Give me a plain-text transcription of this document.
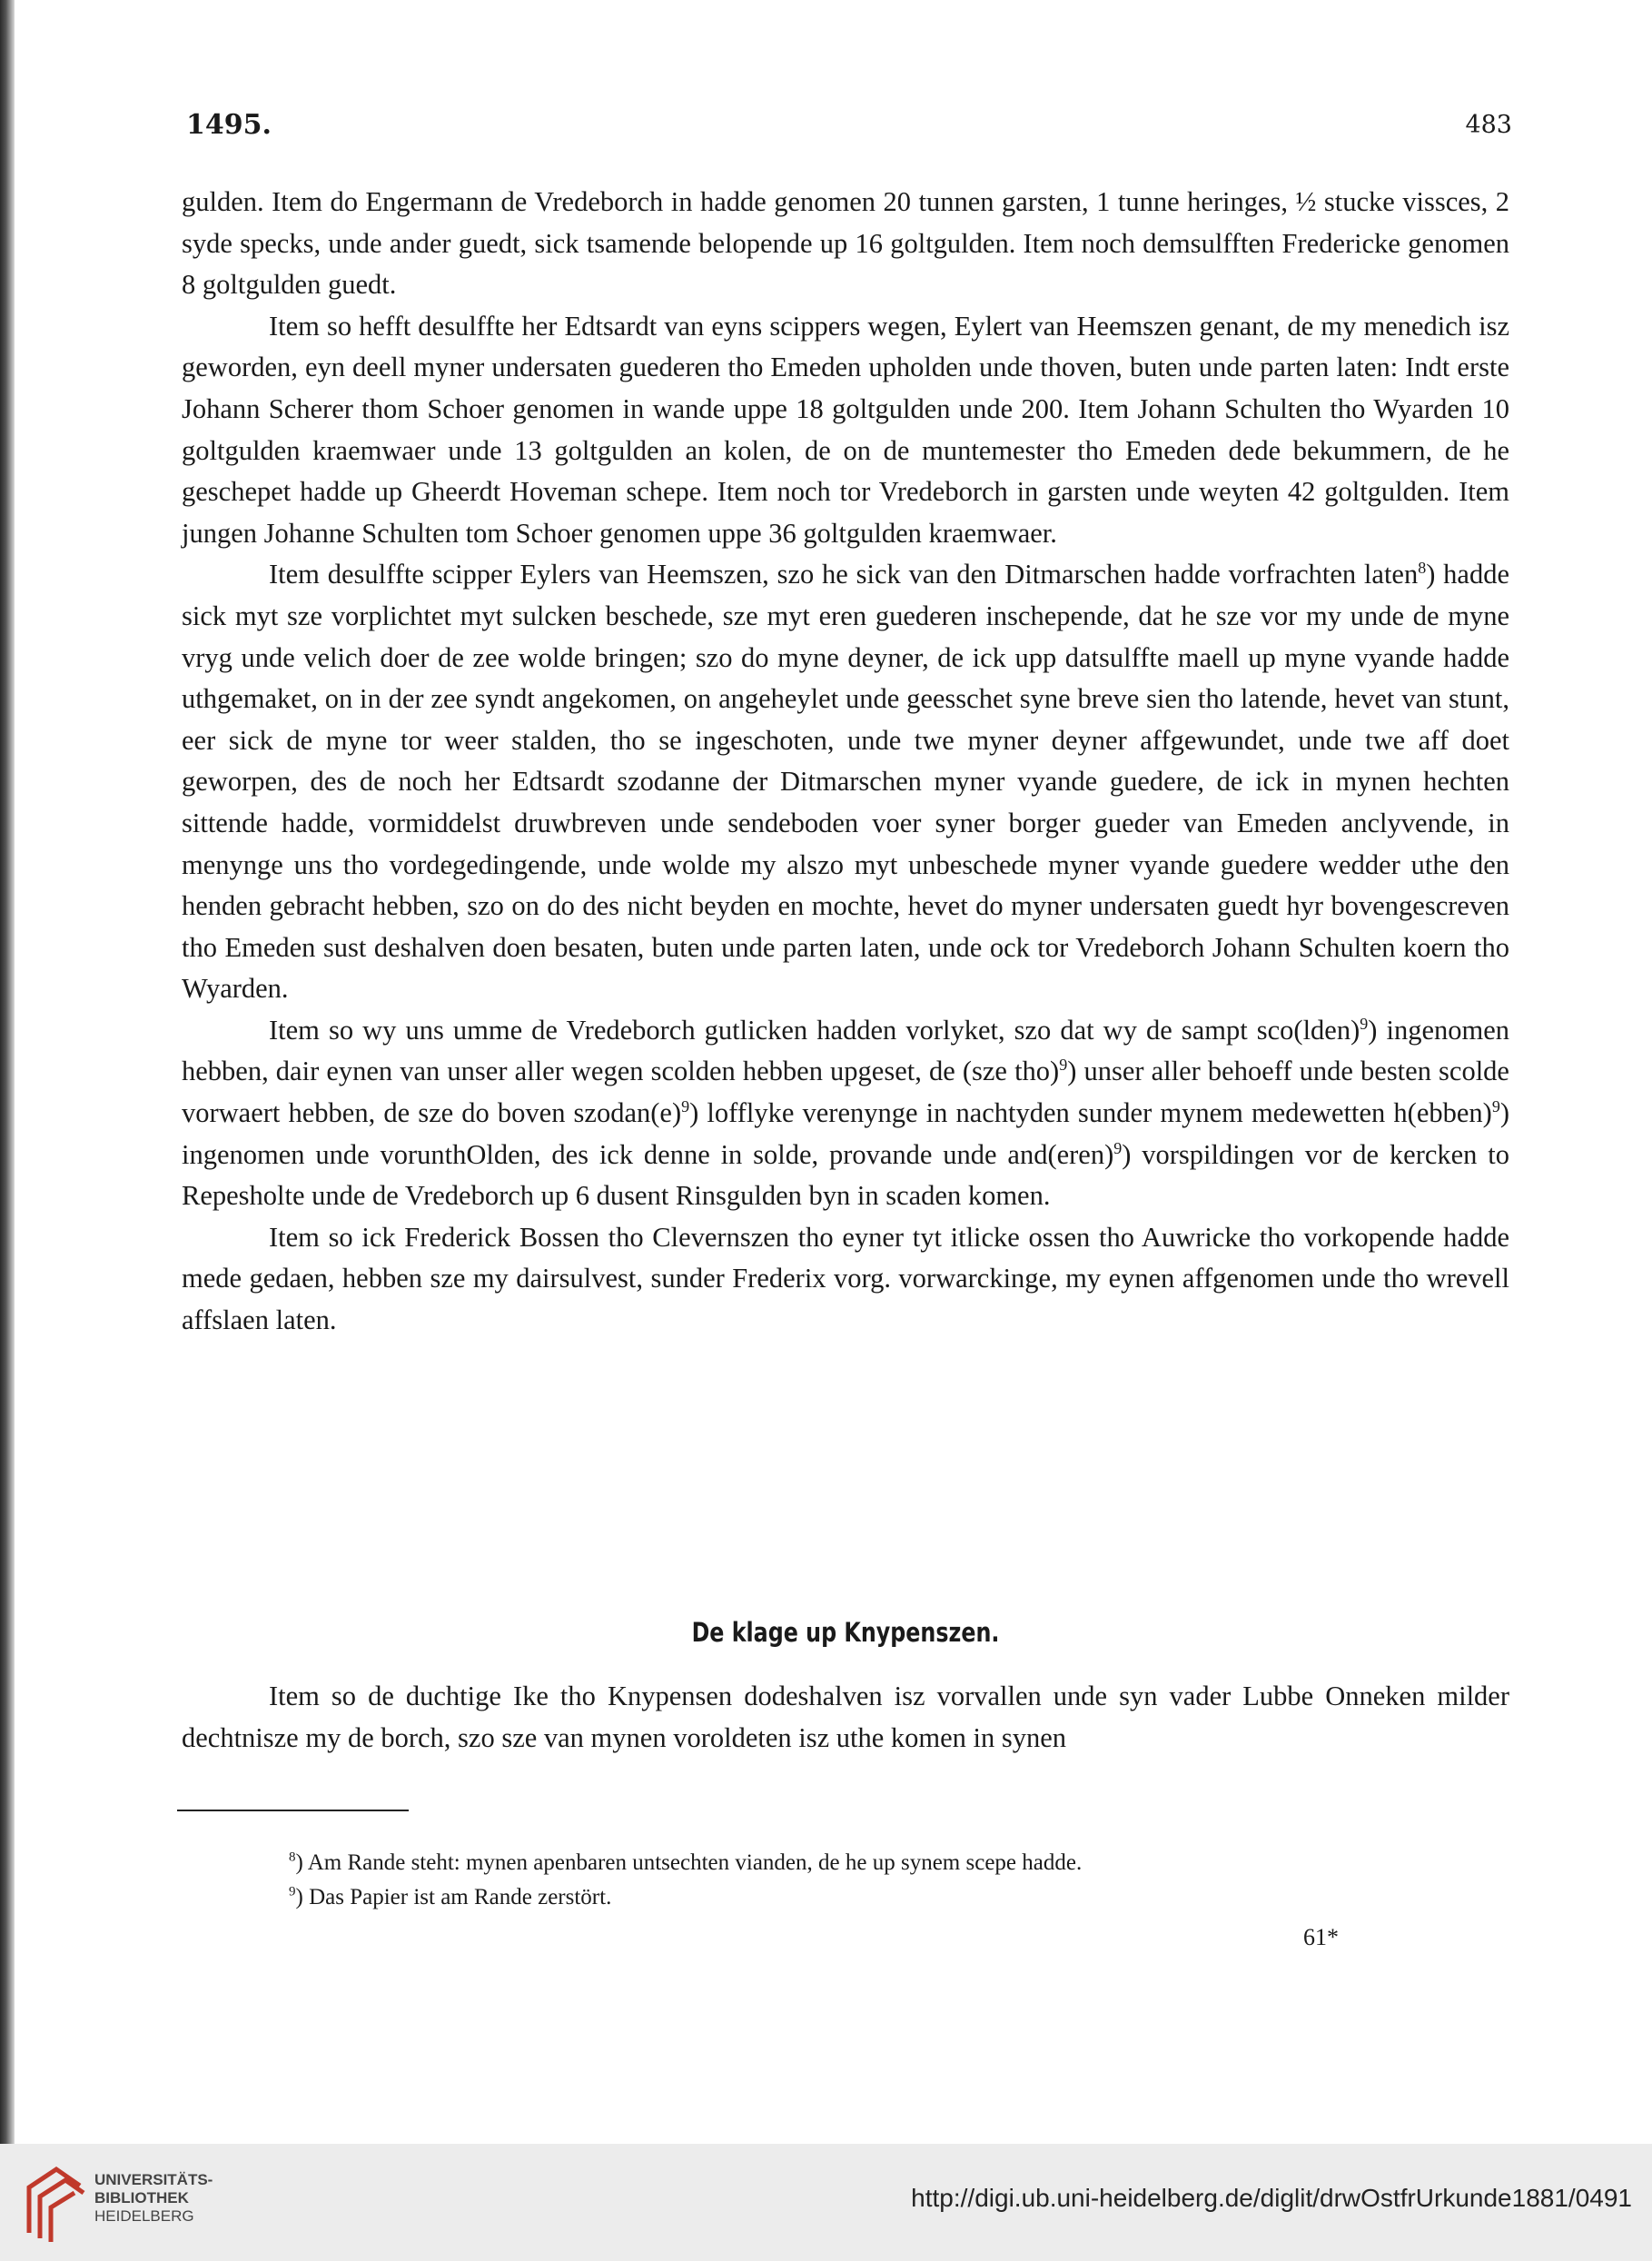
1495.	483

gulden. Item do Engermann de Vredeborch in hadde genomen 20 tunnen garsten, 1 tunne heringes, ½ stucke vissces, 2 syde specks, unde ander guedt, sick tsamende belopende up 16 goltgulden. Item noch demsulfften Fredericke genomen 8 goltgulden guedt.

Item so hefft desulffte her Edtsardt van eyns scippers wegen, Eylert van Heemszen genant, de my menedich isz geworden, eyn deell myner undersaten guederen tho Emeden upholden unde thoven, buten unde parten laten: Indt erste Johann Scherer thom Schoer genomen in wande uppe 18 goltgulden unde 200. Item Johann Schulten tho Wyarden 10 goltgulden kraemwaer unde 13 goltgulden an kolen, de on de muntemester tho Emeden dede bekummern, de he geschepet hadde up Gheerdt Hoveman schepe. Item noch tor Vredeborch in garsten unde weyten 42 goltgulden. Item jungen Johanne Schulten tom Schoer genomen uppe 36 goltgulden kraemwaer.

Item desulffte scipper Eylers van Heemszen, szo he sick van den Ditmarschen hadde vorfrachten laten$^8$) hadde sick myt sze vorplichtet myt sulcken beschede, sze myt eren guederen inschepende, dat he sze vor my unde de myne vryg unde velich doer de zee wolde bringen; szo do myne deyner, de ick upp datsulffte maell up myne vyande hadde uthgemaket, on in der zee syndt angekomen, on angeheylet unde geesschet syne breve sien tho latende, hevet van stunt, eer sick de myne tor weer stalden, tho se ingeschoten, unde twe myner deyner affgewundet, unde twe aff doet geworpen, des de noch her Edtsardt szodanne der Ditmarschen myner vyande guedere, de ick in mynen hechten sittende hadde, vormiddelst druwbreven unde sendeboden voer syner borger gueder van Emeden anclyvende, in menynge uns tho vordegedingende, unde wolde my alszo myt unbeschede myner vyande guedere wedder uthe den henden gebracht hebben, szo on do des nicht beyden en mochte, hevet do myner undersaten guedt hyr bovengescreven tho Emeden sust deshalven doen besaten, buten unde parten laten, unde ock tor Vredeborch Johann Schulten koern tho Wyarden.

Item so wy uns umme de Vredeborch gutlicken hadden vorlyket, szo dat wy de sampt sco(lden)$^9$) ingenomen hebben, dair eynen van unser aller wegen scolden hebben upgeset, de (sze tho)$^9$) unser aller behoeff unde besten scolde vorwaert hebben, de sze do boven $szodan(e)^9$) lofflyke verenynge in nachtyden sunder mynem medewetten h(ebben)$^9$) ingenomen unde vorunthOlden, des ick denne in solde, provande unde and(eren)$^9$) vorspildingen vor de kercken to Repesholte unde de Vredeborch up 6 dusent Rinsgulden byn in scaden komen.

Item so ick Frederick Bossen tho Clevernszen tho eyner tyt itlicke ossen tho Auwricke tho vorkopende hadde mede gedaen, hebben sze my dairsulvest, sunder Frederix vorg. vorwarckinge, my eynen affgenomen unde tho wrevell affslaen laten.

De klage up Knypenszen.

Item so de duchtige Ike tho Knypensen dodeshalven isz vorvallen unde syn vader Lubbe Onneken milder dechtnisze my de borch, szo sze van mynen voroldeten isz uthe komen in synen

$^8$) Am Rande steht: mynen apenbaren untsechten vianden, de he up synem scepe hadde.

$^9$) Das Papier ist am Rande zerstört.

61*
UNIVERSITÄTS-
BIBLIOTHEK
HEIDELBERG
http://digi.ub.uni-heidelberg.de/diglit/drwOstfrUrkunde1881/0491
